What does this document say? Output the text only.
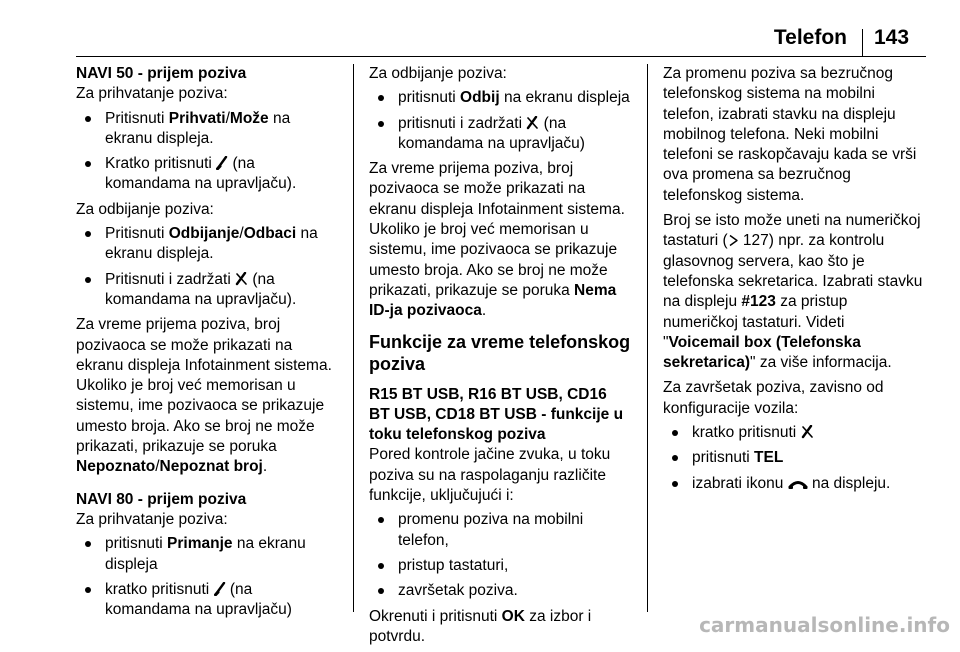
Telefon 143
NAVI 50 - prijem poziva

Za prihvatanje poziva:

Pritisnuti Prihvati/Može na ekranu displeja.
Kratko pritisnuti  (na komandama na upravljaču).

Za odbijanje poziva:

Pritisnuti Odbijanje/Odbaci na ekranu displeja.
Pritisnuti i zadržati  (na komandama na upravljaču).

Za vreme prijema poziva, broj pozivaoca se može prikazati na ekranu displeja Infotainment sistema. Ukoliko je broj već memorisan u sistemu, ime pozivaoca se prikazuje umesto broja. Ako se broj ne može prikazati, prikazuje se poruka Nepoznato/Nepoznat broj.

NAVI 80 - prijem poziva

Za prihvatanje poziva:

pritisnuti Primanje na ekranu displeja
kratko pritisnuti  (na komandama na upravljaču)

Za odbijanje poziva:

pritisnuti Odbij na ekranu displeja
pritisnuti i zadržati  (na komandama na upravljaču)

Za vreme prijema poziva, broj pozivaoca se može prikazati na ekranu displeja Infotainment sistema. Ukoliko je broj već memorisan u sistemu, ime pozivaoca se prikazuje umesto broja. Ako se broj ne može prikazati, prikazuje se poruka Nema ID-ja pozivaoca.

Funkcije za vreme telefonskog poziva
R15 BT USB, R16 BT USB, CD16 BT USB, CD18 BT USB - funkcije u toku telefonskog poziva

Pored kontrole jačine zvuka, u toku poziva su na raspolaganju različite funkcije, uključujući i:

promenu poziva na mobilni telefon,
pristup tastaturi,
završetak poziva.

Okrenuti i pritisnuti OK za izbor i potvrdu.

Za promenu poziva sa bezručnog telefonskog sistema na mobilni telefon, izabrati stavku na displeju mobilnog telefona. Neki mobilni telefoni se raskopčavaju kada se vrši ova promena sa bezručnog telefonskog sistema.

Broj se isto može uneti na numeričkoj tastaturi ( 127) npr. za kontrolu glasovnog servera, kao što je telefonska sekretarica. Izabrati stavku na displeju #123 za pristup numeričkoj tastaturi. Videti "Voicemail box (Telefonska sekretarica)" za više informacija.

Za završetak poziva, zavisno od konfiguracije vozila:

kratko pritisnuti
pritisnuti TEL
izabrati ikonu  na displeju.
carmanualsonline.info
